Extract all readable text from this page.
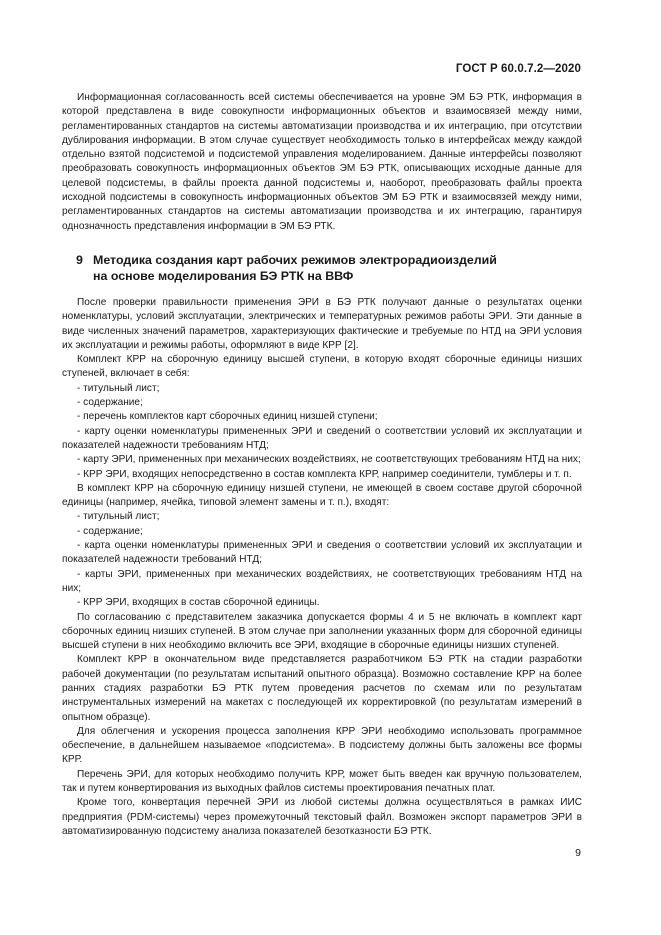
ГОСТ Р 60.0.7.2—2020

Информационная согласованность всей системы обеспечивается на уровне ЭМ БЭ РТК, информация в которой представлена в виде совокупности информационных объектов и взаимосвязей между ними, регламентированных стандартов на системы автоматизации производства и их интеграцию, при отсутствии дублирования информации. В этом случае существует необходимость только в интерфейсах между каждой отдельно взятой подсистемой и подсистемой управления моделированием. Данные интерфейсы позволяют преобразовать совокупность информационных объектов ЭМ БЭ РТК, описывающих исходные данные для целевой подсистемы, в файлы проекта данной подсистемы и, наоборот, преобразовать файлы проекта исходной подсистемы в совокупность информационных объектов ЭМ БЭ РТК и взаимосвязей между ними, регламентированных стандартов на системы автоматизации производства и их интеграцию, гарантируя однозначность представления информации в ЭМ БЭ РТК.

9 Методика создания карт рабочих режимов электрорадиоизделий
на основе моделирования БЭ РТК на ВВФ

После проверки правильности применения ЭРИ в БЭ РТК получают данные о результатах оценки номенклатуры, условий эксплуатации, электрических и температурных режимов работы ЭРИ. Эти данные в виде численных значений параметров, характеризующих фактические и требуемые по НТД на ЭРИ условия их эксплуатации и режимы работы, оформляют в виде КРР [2].

Комплект КРР на сборочную единицу высшей ступени, в которую входят сборочные единицы низших ступеней, включает в себя:

- титульный лист;

- содержание;

- перечень комплектов карт сборочных единиц низшей ступени;

- карту оценки номенклатуры примененных ЭРИ и сведений о соответствии условий их эксплуатации и показателей надежности требованиям НТД;

- карту ЭРИ, примененных при механических воздействиях, не соответствующих требованиям НТД на них;

- КРР ЭРИ, входящих непосредственно в состав комплекта КРР, например соединители, тумблеры и т. п.

В комплект КРР на сборочную единицу низшей ступени, не имеющей в своем составе другой сборочной единицы (например, ячейка, типовой элемент замены и т. п.), входят:

- титульный лист;

- содержание;

- карта оценки номенклатуры примененных ЭРИ и сведения о соответствии условий их эксплуатации и показателей надежности требований НТД;

- карты ЭРИ, примененных при механических воздействиях, не соответствующих требованиям НТД на них;

- КРР ЭРИ, входящих в состав сборочной единицы.

По согласованию с представителем заказчика допускается формы 4 и 5 не включать в комплект карт сборочных единиц низших ступеней. В этом случае при заполнении указанных форм для сборочной единицы высшей ступени в них необходимо включить все ЭРИ, входящие в сборочные единицы низших ступеней.

Комплект КРР в окончательном виде представляется разработчиком БЭ РТК на стадии разработки рабочей документации (по результатам испытаний опытного образца). Возможно составление КРР на более ранних стадиях разработки БЭ РТК путем проведения расчетов по схемам или по результатам инструментальных измерений на макетах с последующей их корректировкой (по результатам измерений в опытном образце).

Для облегчения и ускорения процесса заполнения КРР ЭРИ необходимо использовать программное обеспечение, в дальнейшем называемое «подсистема». В подсистему должны быть заложены все формы КРР.

Перечень ЭРИ, для которых необходимо получить КРР, может быть введен как вручную пользователем, так и путем конвертирования из выходных файлов системы проектирования печатных плат.

Кроме того, конвертация перечней ЭРИ из любой системы должна осуществляться в рамках ИИС предприятия (PDM-системы) через промежуточный текстовый файл. Возможен экспорт параметров ЭРИ в автоматизированную подсистему анализа показателей безотказности БЭ РТК.

9
